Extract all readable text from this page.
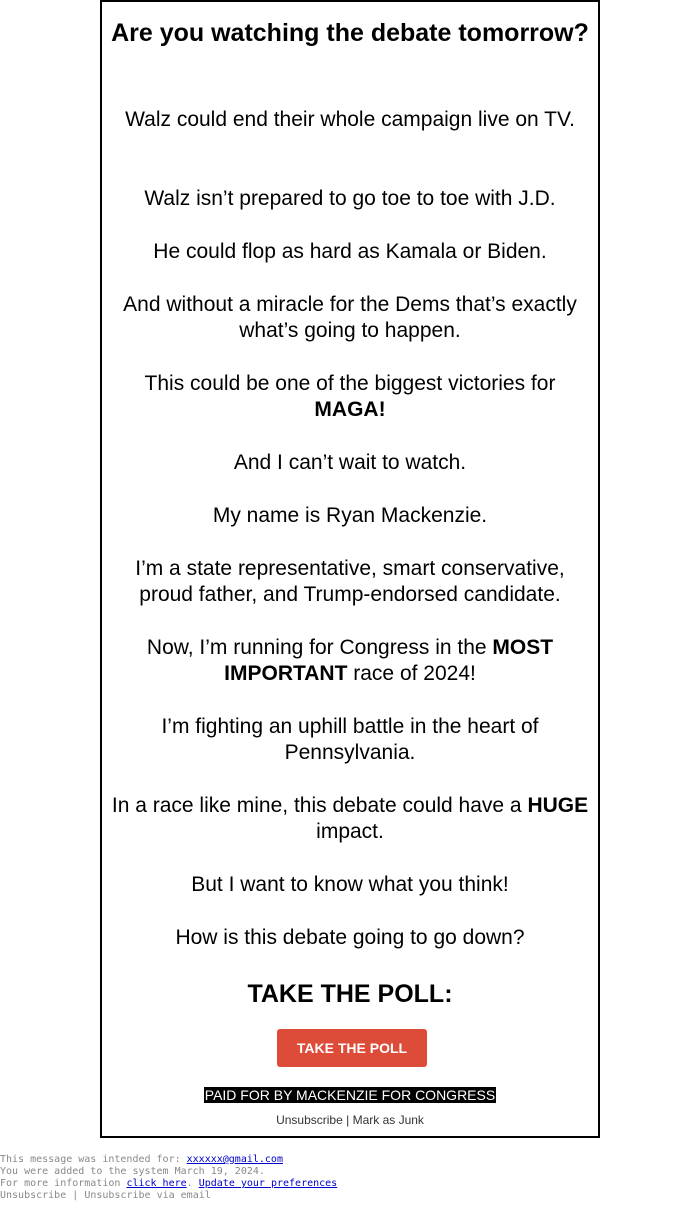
Are you watching the debate tomorrow?

Walz could end their whole campaign live on TV.

Walz isn’t prepared to go toe to toe with J.D.

He could flop as hard as Kamala or Biden.

And without a miracle for the Dems that’s exactly what’s going to happen.

This could be one of the biggest victories for MAGA!

And I can’t wait to watch.

My name is Ryan Mackenzie.

I’m a state representative, smart conservative, proud father, and Trump-endorsed candidate.

Now, I’m running for Congress in the MOST IMPORTANT race of 2024!

I’m fighting an uphill battle in the heart of Pennsylvania.

In a race like mine, this debate could have a HUGE impact.

But I want to know what you think!

How is this debate going to go down?

TAKE THE POLL:
TAKE THE POLL

PAID FOR BY MACKENZIE FOR CONGRESS

Unsubscribe | Mark as Junk

This message was intended for: xxxxxx@gmail.com
You were added to the system March 19, 2024.
For more information click here. Update your preferences
Unsubscribe | Unsubscribe via email
